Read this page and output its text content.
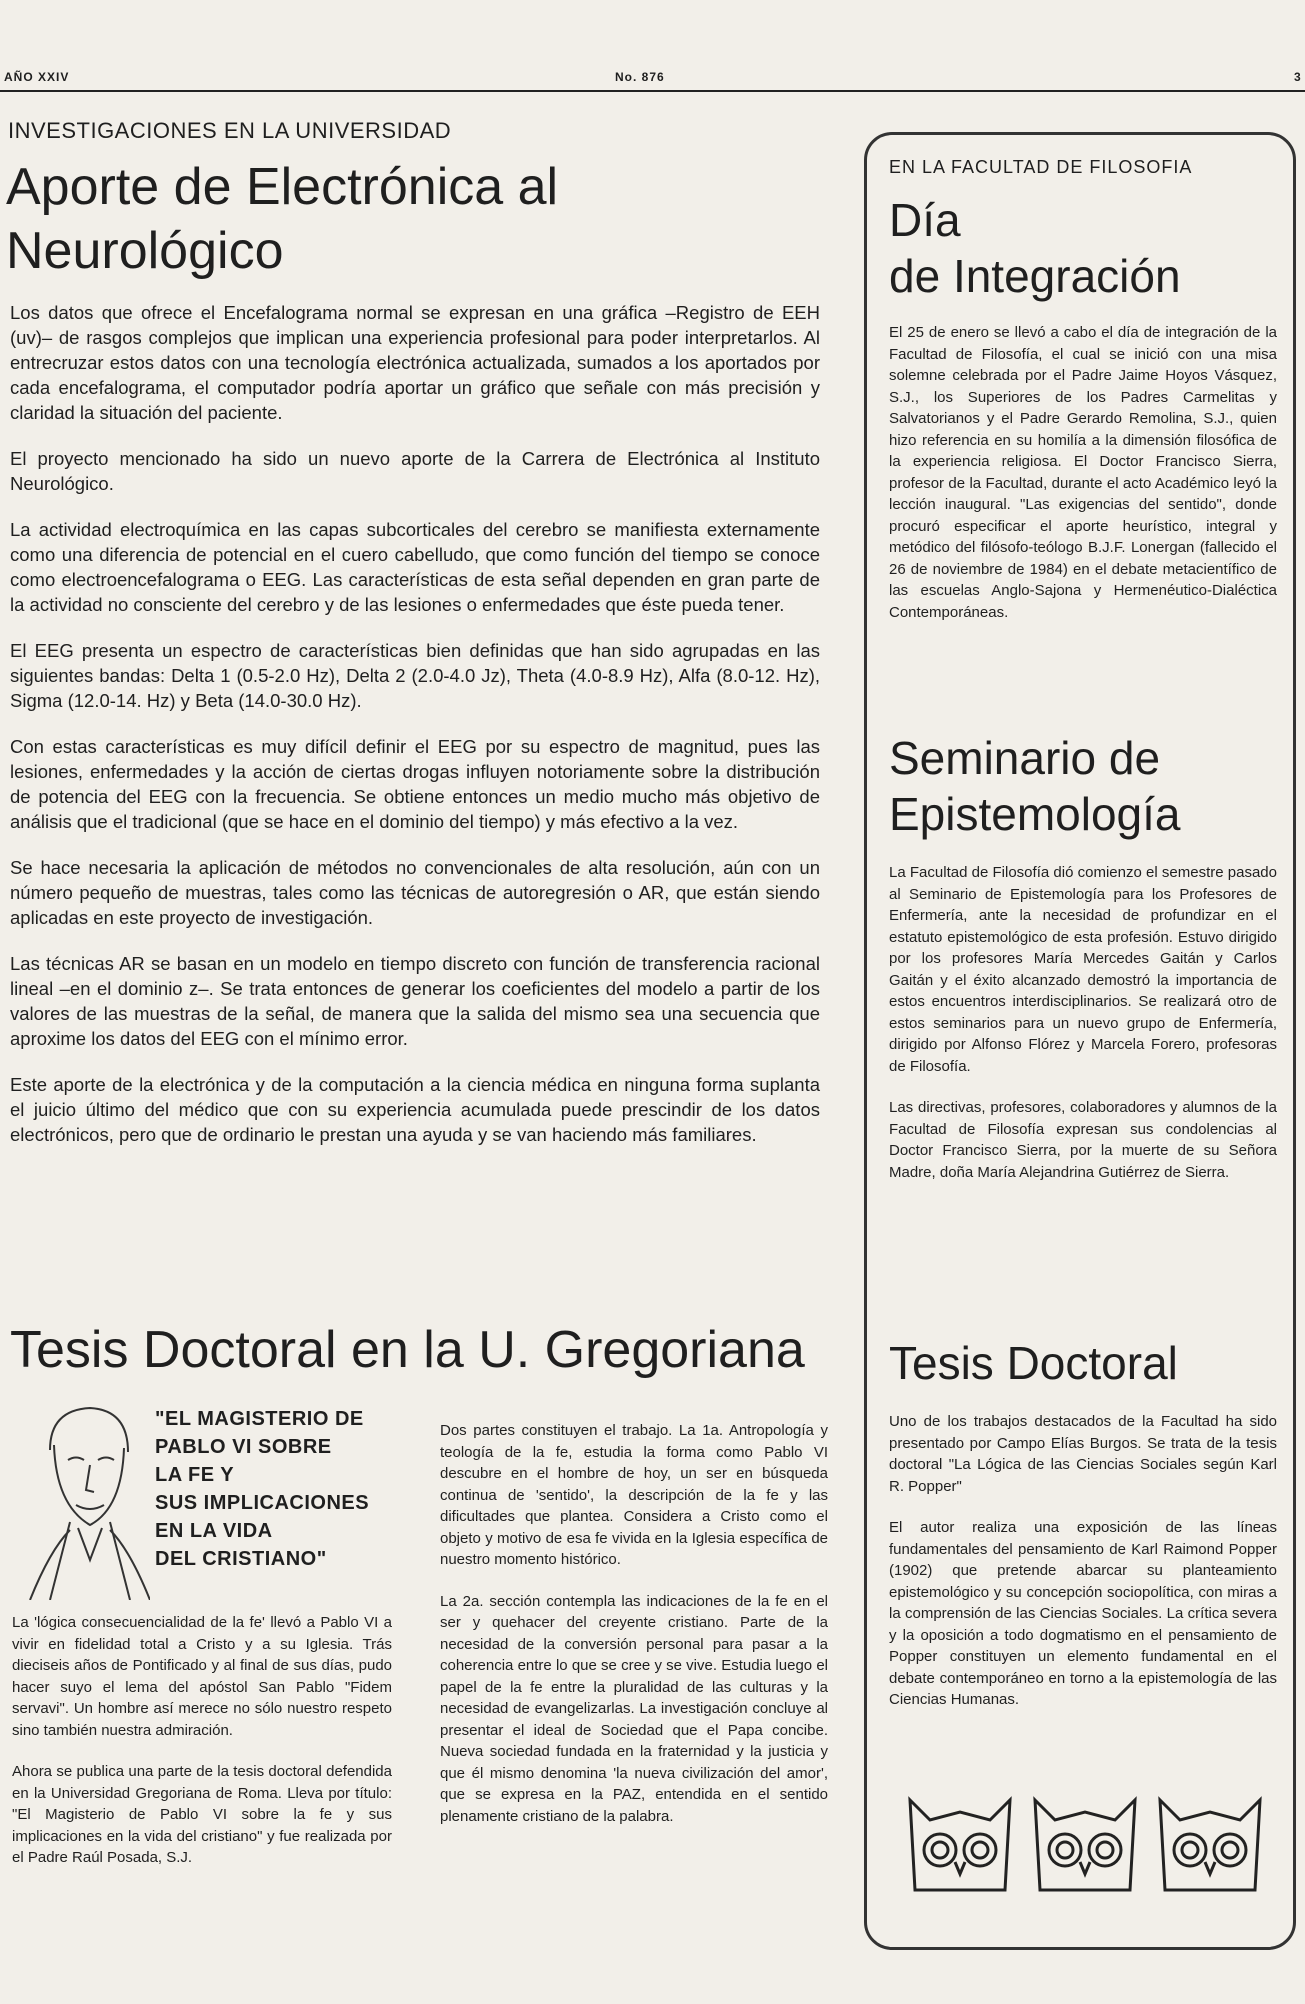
AÑO XXIV	No. 876	3
INVESTIGACIONES EN LA UNIVERSIDAD
Aporte de Electrónica al
Neurológico

Los datos que ofrece el Encefalograma normal se expresan en una gráfica –Registro de EEH (uv)– de rasgos complejos que implican una experiencia profesional para poder interpretarlos. Al entrecruzar estos datos con una tecnología electrónica actualizada, sumados a los aportados por cada encefalograma, el computador podría aportar un gráfico que señale con más precisión y claridad la situación del paciente.

El proyecto mencionado ha sido un nuevo aporte de la Carrera de Electrónica al Instituto Neurológico.

La actividad electroquímica en las capas subcorticales del cerebro se manifiesta externamente como una diferencia de potencial en el cuero cabelludo, que como función del tiempo se conoce como electroencefalograma o EEG. Las características de esta señal dependen en gran parte de la actividad no consciente del cerebro y de las lesiones o enfermedades que éste pueda tener.

El EEG presenta un espectro de características bien definidas que han sido agrupadas en las siguientes bandas: Delta 1 (0.5-2.0 Hz), Delta 2 (2.0-4.0 Jz), Theta (4.0-8.9 Hz), Alfa (8.0-12. Hz), Sigma (12.0-14. Hz) y Beta (14.0-30.0 Hz).

Con estas características es muy difícil definir el EEG por su espectro de magnitud, pues las lesiones, enfermedades y la acción de ciertas drogas influyen notoriamente sobre la distribución de potencia del EEG con la frecuencia. Se obtiene entonces un medio mucho más objetivo de análisis que el tradicional (que se hace en el dominio del tiempo) y más efectivo a la vez.

Se hace necesaria la aplicación de métodos no convencionales de alta resolución, aún con un número pequeño de muestras, tales como las técnicas de autoregresión o AR, que están siendo aplicadas en este proyecto de investigación.

Las técnicas AR se basan en un modelo en tiempo discreto con función de transferencia racional lineal –en el dominio z–. Se trata entonces de generar los coeficientes del modelo a partir de los valores de las muestras de la señal, de manera que la salida del mismo sea una secuencia que aproxime los datos del EEG con el mínimo error.

Este aporte de la electrónica y de la computación a la ciencia médica en ninguna forma suplanta el juicio último del médico que con su experiencia acumulada puede prescindir de los datos electrónicos, pero que de ordinario le prestan una ayuda y se van haciendo más familiares.

Tesis Doctoral en la U. Gregoriana
"EL MAGISTERIO DE
PABLO VI SOBRE
LA FE Y
SUS IMPLICACIONES
EN LA VIDA
DEL CRISTIANO"

La 'lógica consecuencialidad de la fe' llevó a Pablo VI a vivir en fidelidad total a Cristo y a su Iglesia. Trás dieciseis años de Pontificado y al final de sus días, pudo hacer suyo el lema del apóstol San Pablo "Fidem servavi". Un hombre así merece no sólo nuestro respeto sino también nuestra admiración.

Ahora se publica una parte de la tesis doctoral defendida en la Universidad Gregoriana de Roma. Lleva por título: "El Magisterio de Pablo VI sobre la fe y sus implicaciones en la vida del cristiano" y fue realizada por el Padre Raúl Posada, S.J.

Dos partes constituyen el trabajo. La 1a. Antropología y teología de la fe, estudia la forma como Pablo VI descubre en el hombre de hoy, un ser en búsqueda continua de 'sentido', la descripción de la fe y las dificultades que plantea. Considera a Cristo como el objeto y motivo de esa fe vivida en la Iglesia específica de nuestro momento histórico.

La 2a. sección contempla las indicaciones de la fe en el ser y quehacer del creyente cristiano. Parte de la necesidad de la conversión personal para pasar a la coherencia entre lo que se cree y se vive. Estudia luego el papel de la fe entre la pluralidad de las culturas y la necesidad de evangelizarlas. La investigación concluye al presentar el ideal de Sociedad que el Papa concibe. Nueva sociedad fundada en la fraternidad y la justicia y que él mismo denomina 'la nueva civilización del amor', que se expresa en la PAZ, entendida en el sentido plenamente cristiano de la palabra.

EN LA FACULTAD DE FILOSOFIA
Día
de Integración

El 25 de enero se llevó a cabo el día de integración de la Facultad de Filosofía, el cual se inició con una misa solemne celebrada por el Padre Jaime Hoyos Vásquez, S.J., los Superiores de los Padres Carmelitas y Salvatorianos y el Padre Gerardo Remolina, S.J., quien hizo referencia en su homilía a la dimensión filosófica de la experiencia religiosa. El Doctor Francisco Sierra, profesor de la Facultad, durante el acto Académico leyó la lección inaugural. "Las exigencias del sentido", donde procuró especificar el aporte heurístico, integral y metódico del filósofo-teólogo B.J.F. Lonergan (fallecido el 26 de noviembre de 1984) en el debate metacientífico de las escuelas Anglo-Sajona y Hermenéutico-Dialéctica Contemporáneas.

Seminario de
Epistemología

La Facultad de Filosofía dió comienzo el semestre pasado al Seminario de Epistemología para los Profesores de Enfermería, ante la necesidad de profundizar en el estatuto epistemológico de esta profesión. Estuvo dirigido por los profesores María Mercedes Gaitán y Carlos Gaitán y el éxito alcanzado demostró la importancia de estos encuentros interdisciplinarios. Se realizará otro de estos seminarios para un nuevo grupo de Enfermería, dirigido por Alfonso Flórez y Marcela Forero, profesoras de Filosofía.

Las directivas, profesores, colaboradores y alumnos de la Facultad de Filosofía expresan sus condolencias al Doctor Francisco Sierra, por la muerte de su Señora Madre, doña María Alejandrina Gutiérrez de Sierra.

Tesis Doctoral

Uno de los trabajos destacados de la Facultad ha sido presentado por Campo Elías Burgos. Se trata de la tesis doctoral "La Lógica de las Ciencias Sociales según Karl R. Popper"

El autor realiza una exposición de las líneas fundamentales del pensamiento de Karl Raimond Popper (1902) que pretende abarcar su planteamiento epistemológico y su concepción sociopolítica, con miras a la comprensión de las Ciencias Sociales. La crítica severa y la oposición a todo dogmatismo en el pensamiento de Popper constituyen un elemento fundamental en el debate contemporáneo en torno a la epistemología de las Ciencias Humanas.
